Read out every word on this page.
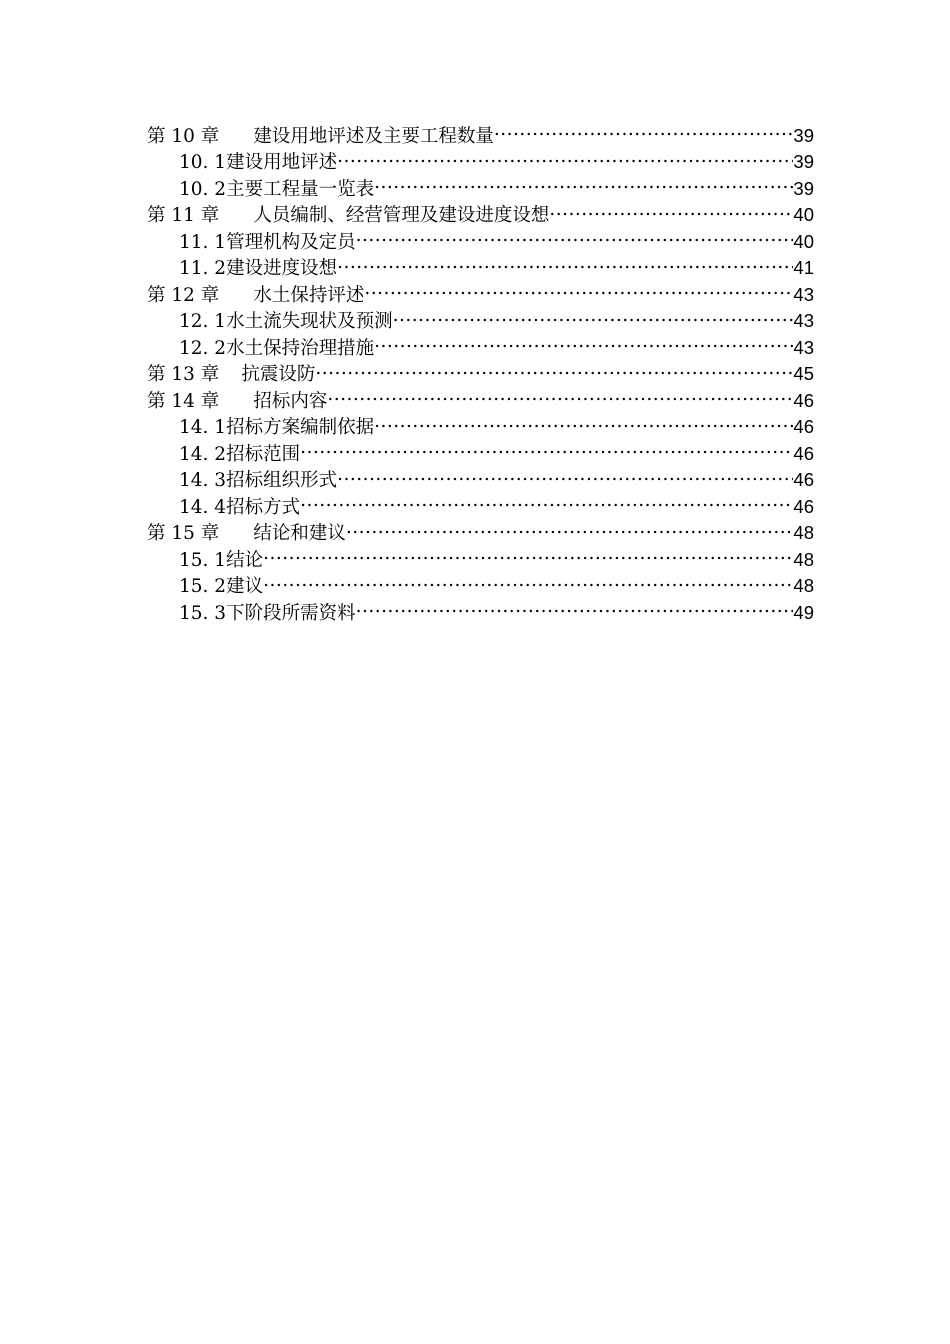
第 10 章 建设用地评述及主要工程数量 .....	39
10. 1 建设用地评述 .....	39
10. 2 主要工程量一览表 .....	39
第 11 章 人员编制、经营管理及建设进度设想 .....	40
11. 1 管理机构及定员 .....	40
11. 2 建设进度设想 .....	41
第 12 章 水土保持评述 .....	43
12. 1 水土流失现状及预测 .....	43
12. 2 水土保持治理措施 .....	43
第 13 章 抗震设防 .....	45
第 14 章 招标内容 .....	46
14. 1 招标方案编制依据 .....	46
14. 2 招标范围 .....	46
14. 3 招标组织形式 .....	46
14. 4 招标方式 .....	46
第 15 章 结论和建议 .....	48
15. 1 结论 .....	48
15. 2 建议 .....	48
15. 3 下阶段所需资料 .....	49
